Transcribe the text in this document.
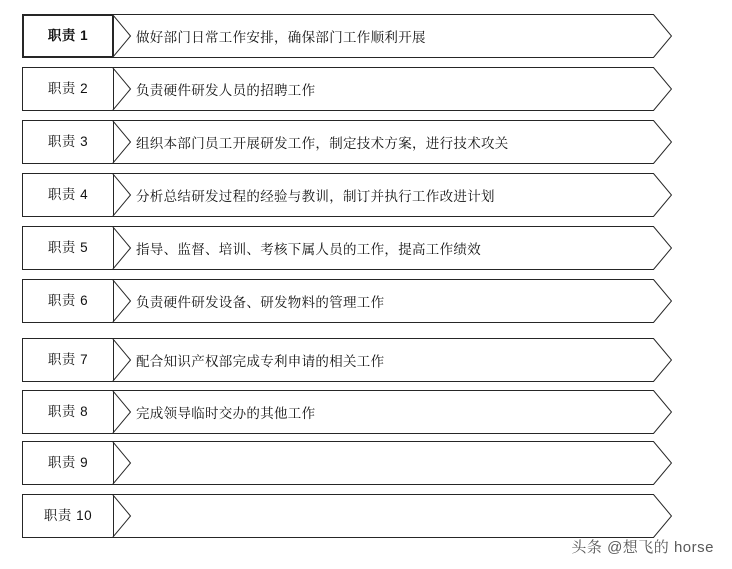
职责 1	做好部门日常工作安排，确保部门工作顺利开展
职责 2	负责硬件研发人员的招聘工作
职责 3	组织本部门员工开展研发工作，制定技术方案，进行技术攻关
职责 4	分析总结研发过程的经验与教训，制订并执行工作改进计划
职责 5	指导、监督、培训、考核下属人员的工作，提高工作绩效
职责 6	负责硬件研发设备、研发物料的管理工作
职责 7	配合知识产权部完成专利申请的相关工作
职责 8	完成领导临时交办的其他工作
职责 9
职责 10
头条 @想飞的 horse
